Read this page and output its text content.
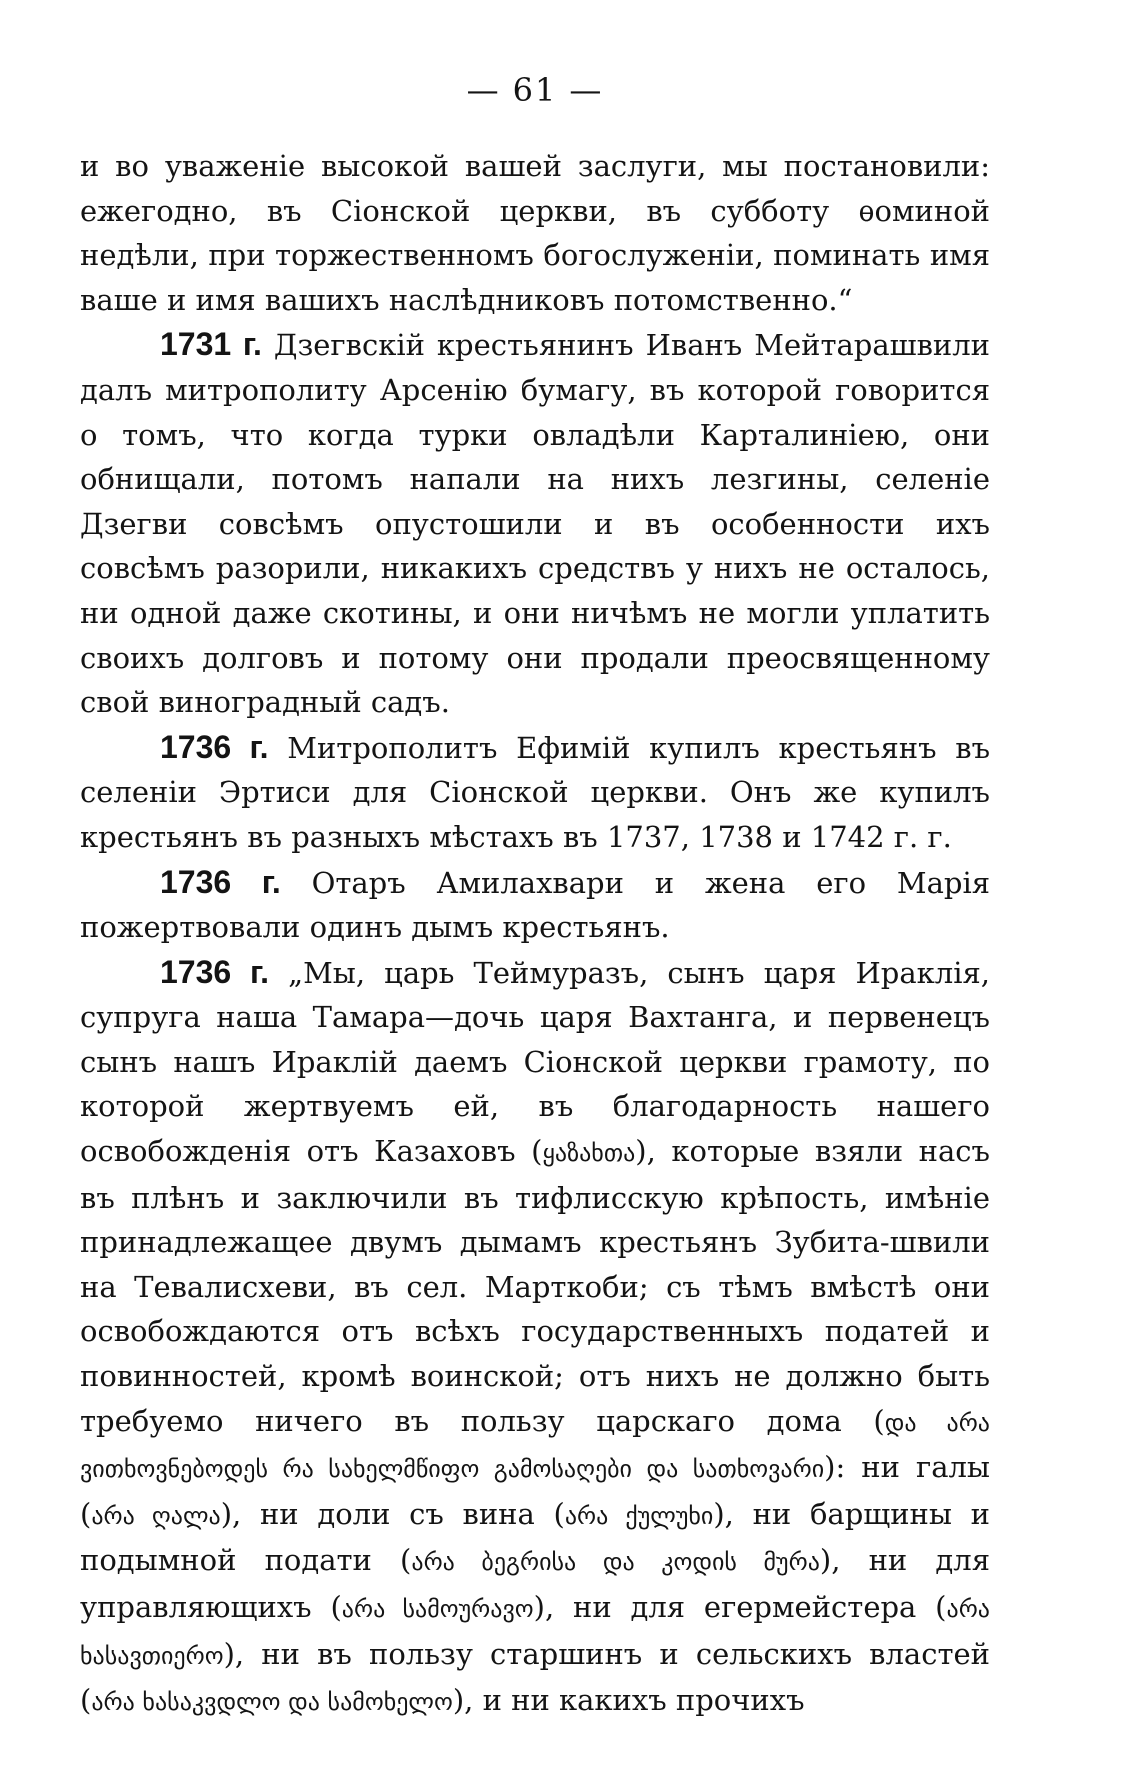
— 61 —

и во уваженіе высокой вашей заслуги, мы постановили: ежегодно, въ Сіонской церкви, въ субботу ѳоминой недѣли, при торжественномъ богослуженіи, поминать имя ваше и имя вашихъ наслѣдниковъ потомственно.“

1731 г. Дзегвскій крестьянинъ Иванъ Мейтарашвили далъ митрополиту Арсенію бумагу, въ которой говорится о томъ, что когда турки овладѣли Карталиніею, они обнищали, потомъ напали на нихъ лезгины, селеніе Дзегви совсѣмъ опустошили и въ особенности ихъ совсѣмъ разорили, никакихъ средствъ у нихъ не осталось, ни одной даже скотины, и они ничѣмъ не могли уплатить своихъ долговъ и потому они продали преосвященному свой виноградный садъ.

1736 г. Митрополитъ Ефимій купилъ крестьянъ въ селеніи Эртиси для Сіонской церкви. Онъ же купилъ крестьянъ въ разныхъ мѣстахъ въ 1737, 1738 и 1742 г. г.

1736 г. Отаръ Амилахвари и жена его Марія пожертвовали одинъ дымъ крестьянъ.

1736 г. „Мы, царь Теймуразъ, сынъ царя Ираклія, супруга наша Тамара—дочь царя Вахтанга, и первенецъ сынъ нашъ Ираклій даемъ Сіонской церкви грамоту, по которой жертвуемъ ей, въ благодарность нашего освобожденія отъ Казаховъ (ყაზახთა), которые взяли насъ въ плѣнъ и заключили въ тифлисскую крѣпость, имѣніе принадлежащее двумъ дымамъ крестьянъ Зубита-швили на Тевалисхеви, въ сел. Марткоби; съ тѣмъ вмѣстѣ они освобождаются отъ всѣхъ государственныхъ податей и повинностей, кромѣ воинской; отъ нихъ не должно быть требуемо ничего въ пользу царскаго дома (და არა ვითხოვნებოდეს რა სახელმწიფო გამოსაღები და სათხოვარი): ни галы (არა ღალა), ни доли съ вина (არა ქულუხი), ни барщины и подымной подати (არა ბეგრისა და კოდის მურა), ни для управляющихъ (არა სამოურავო), ни для егермейстера (არა ხასავთიერო), ни въ пользу старшинъ и сельскихъ властей (არა ხასაკვდლო და სამოხელო), и ни какихъ прочихъ
